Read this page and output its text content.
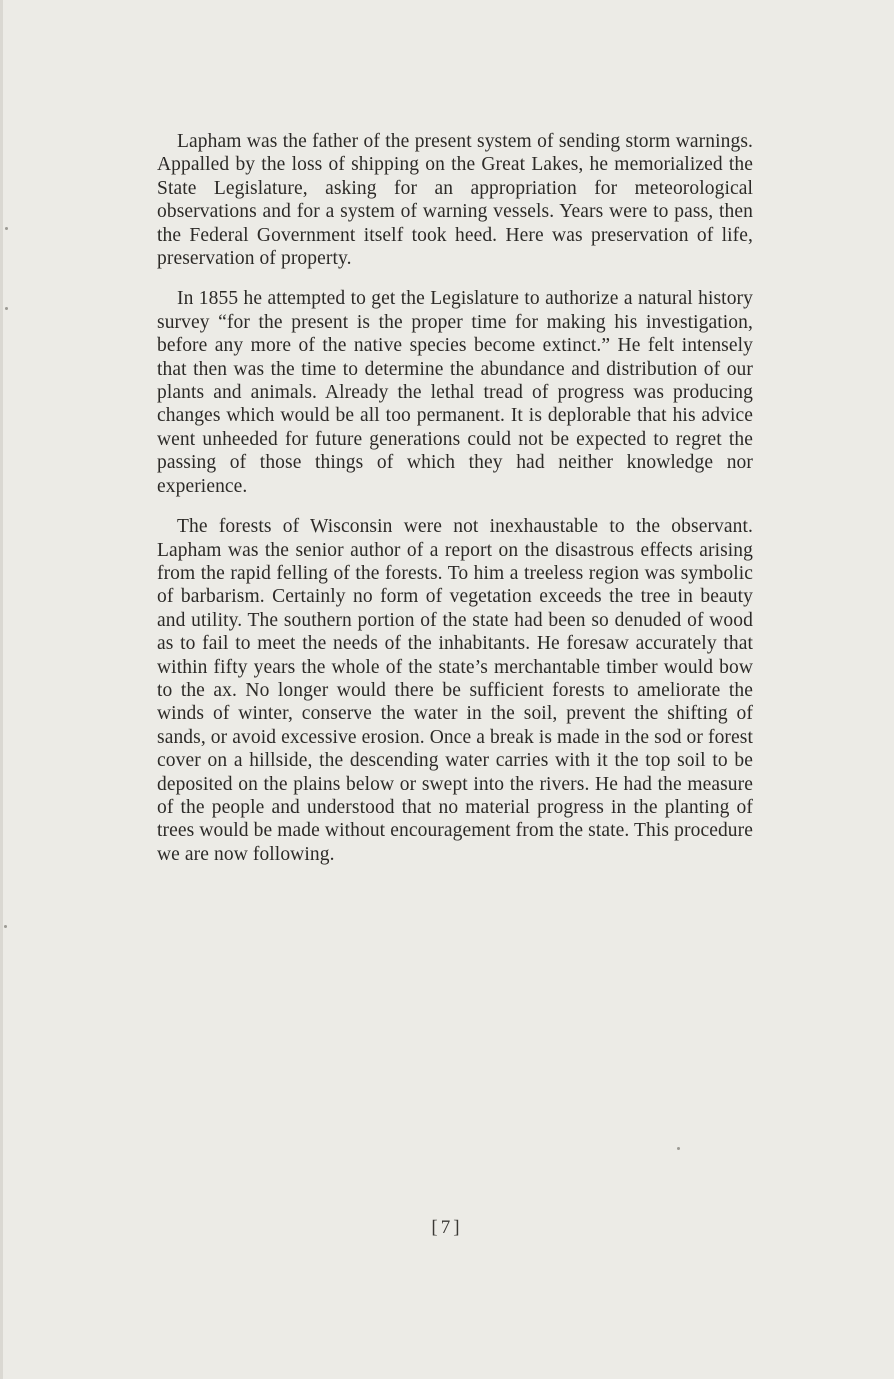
Lapham was the father of the present system of sending storm warnings. Appalled by the loss of shipping on the Great Lakes, he memorialized the State Legislature, asking for an appropriation for meteorological observations and for a system of warning vessels. Years were to pass, then the Federal Government itself took heed. Here was preservation of life, preservation of property.

In 1855 he attempted to get the Legislature to authorize a natural history survey “for the present is the proper time for making his investigation, before any more of the native species become extinct.” He felt intensely that then was the time to determine the abundance and distribution of our plants and animals. Already the lethal tread of progress was producing changes which would be all too permanent. It is deplorable that his advice went unheeded for future generations could not be expected to regret the passing of those things of which they had neither knowledge nor experience.

The forests of Wisconsin were not inexhaustable to the observant. Lapham was the senior author of a report on the disastrous effects arising from the rapid felling of the forests. To him a treeless region was symbolic of barbarism. Certainly no form of vegetation exceeds the tree in beauty and utility. The southern portion of the state had been so denuded of wood as to fail to meet the needs of the inhabitants. He foresaw accurately that within fifty years the whole of the state’s merchantable timber would bow to the ax. No longer would there be sufficient forests to ameliorate the winds of winter, conserve the water in the soil, prevent the shifting of sands, or avoid excessive erosion. Once a break is made in the sod or forest cover on a hillside, the descending water carries with it the top soil to be deposited on the plains below or swept into the rivers. He had the measure of the people and understood that no material progress in the planting of trees would be made without encouragement from the state. This procedure we are now following.

[7]
